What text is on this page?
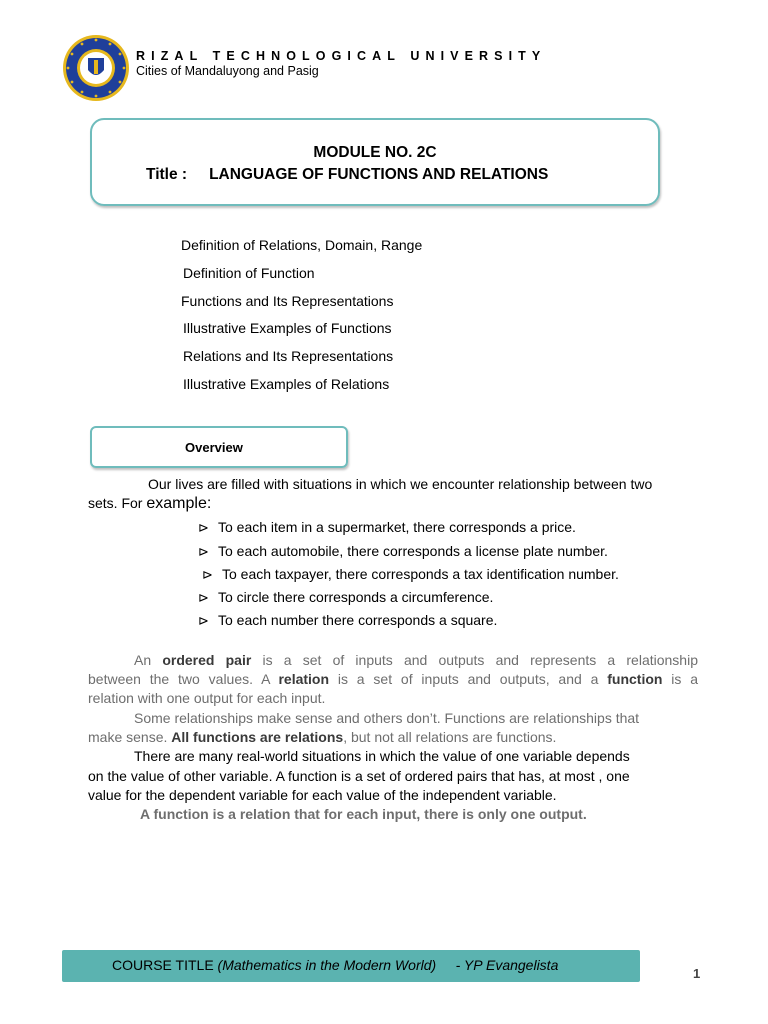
RIZAL TECHNOLOGICAL UNIVERSITY
Cities of Mandaluyong and Pasig
MODULE NO. 2C
Title : LANGUAGE OF FUNCTIONS AND RELATIONS
Definition of Relations, Domain, Range
Definition of Function
Functions and Its Representations
Illustrative Examples of Functions
Relations and Its Representations
Illustrative Examples of Relations
Overview
Our lives are filled with situations in which we encounter relationship between two
sets. For example:
⊳ To each item in a supermarket, there corresponds a price.
⊳ To each automobile, there corresponds a license plate number.
⊳ To each taxpayer, there corresponds a tax identification number.
⊳ To circle there corresponds a circumference.
⊳ To each number there corresponds a square.
An ordered pair is a set of inputs and outputs and represents a relationship
between the two values. A relation is a set of inputs and outputs, and a function is a
relation with one output for each input.
Some relationships make sense and others don’t. Functions are relationships that
make sense. All functions are relations, but not all relations are functions.
There are many real-world situations in which the value of one variable depends
on the value of other variable. A function is a set of ordered pairs that has, at most , one
value for the dependent variable for each value of the independent variable.
A function is a relation that for each input, there is only one output.
COURSE TITLE (Mathematics in the Modern World)     - YP Evangelista
1
